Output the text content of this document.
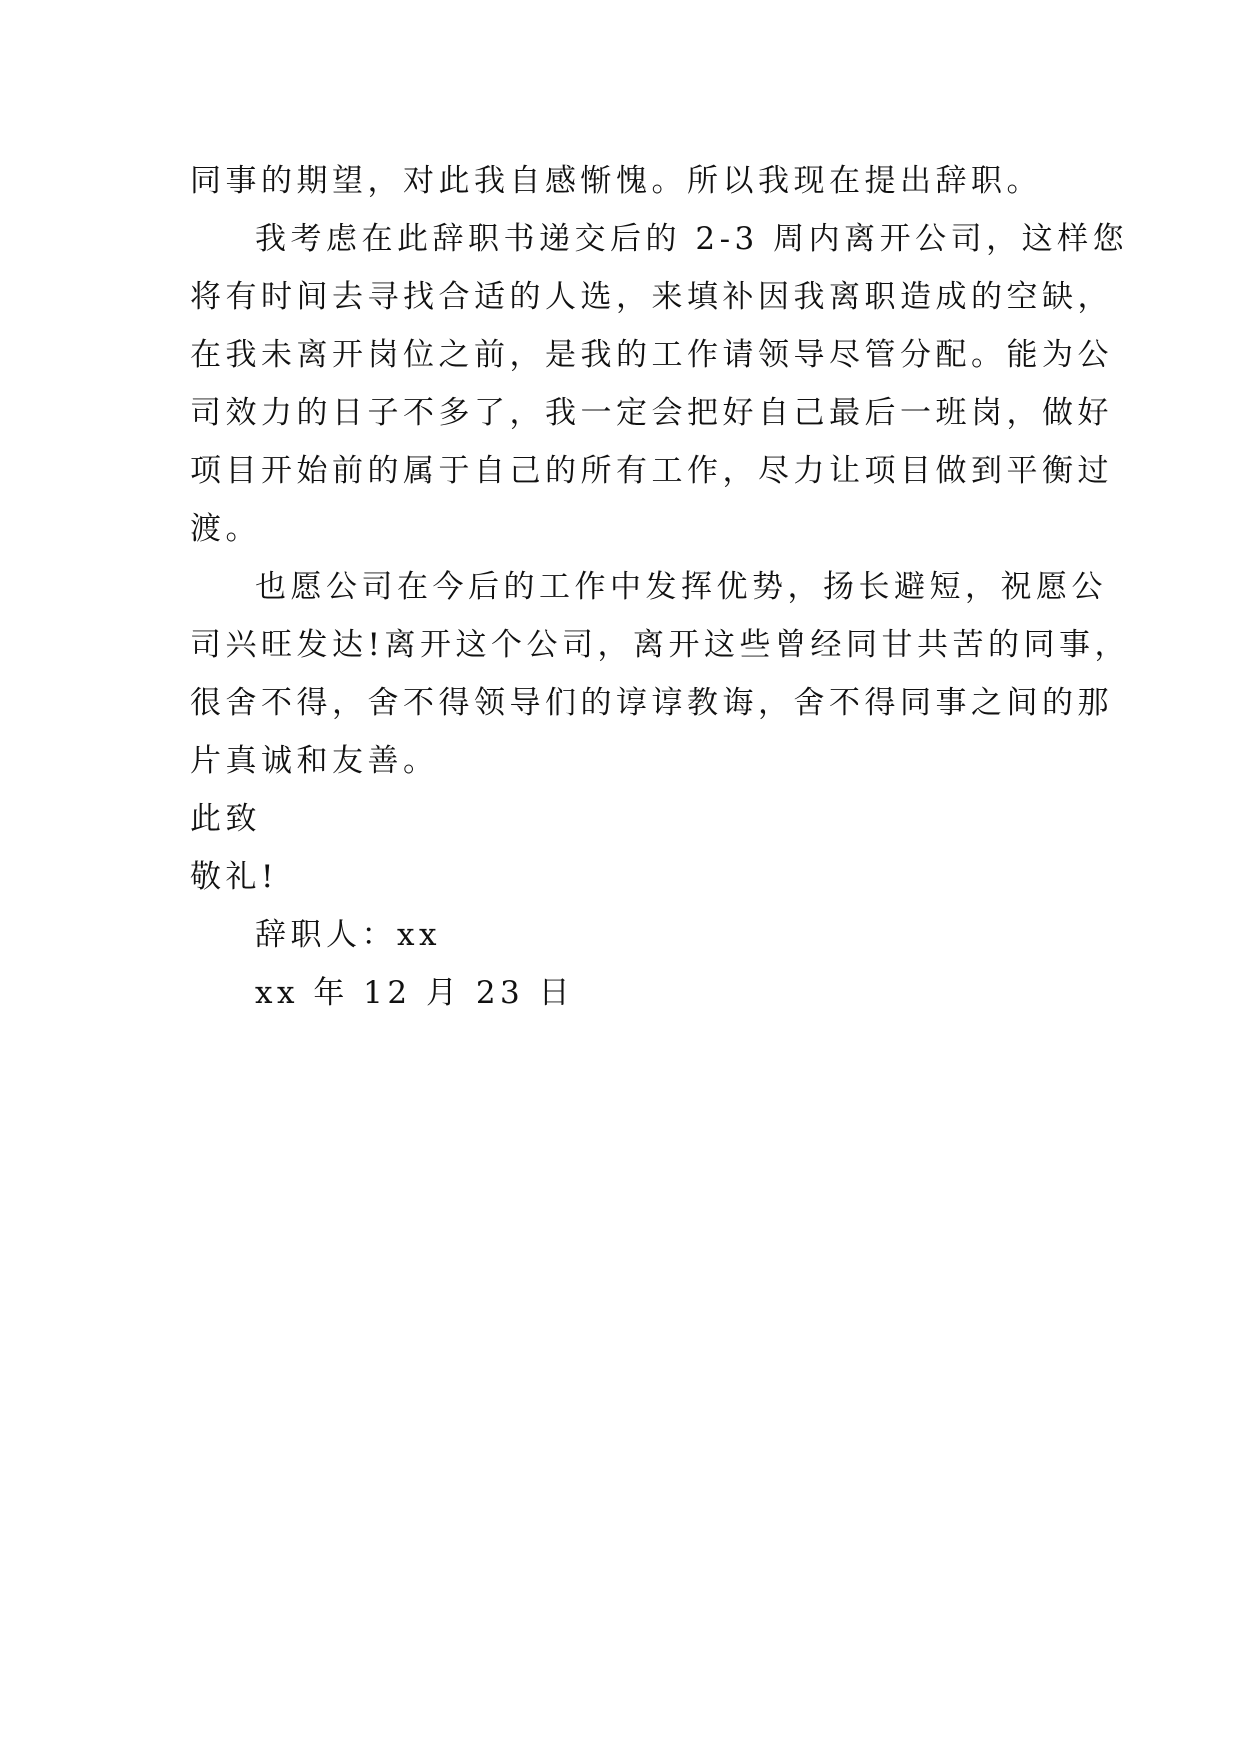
同事的期望，对此我自感惭愧。所以我现在提出辞职。
我考虑在此辞职书递交后的 2-3 周内离开公司，这样您
将有时间去寻找合适的人选，来填补因我离职造成的空缺，
在我未离开岗位之前，是我的工作请领导尽管分配。能为公
司效力的日子不多了，我一定会把好自己最后一班岗，做好
项目开始前的属于自己的所有工作，尽力让项目做到平衡过
渡。
也愿公司在今后的工作中发挥优势，扬长避短，祝愿公
司兴旺发达!离开这个公司，离开这些曾经同甘共苦的同事，
很舍不得，舍不得领导们的谆谆教诲，舍不得同事之间的那
片真诚和友善。
此致
敬礼!
辞职人：xx
xx 年 12 月 23 日
